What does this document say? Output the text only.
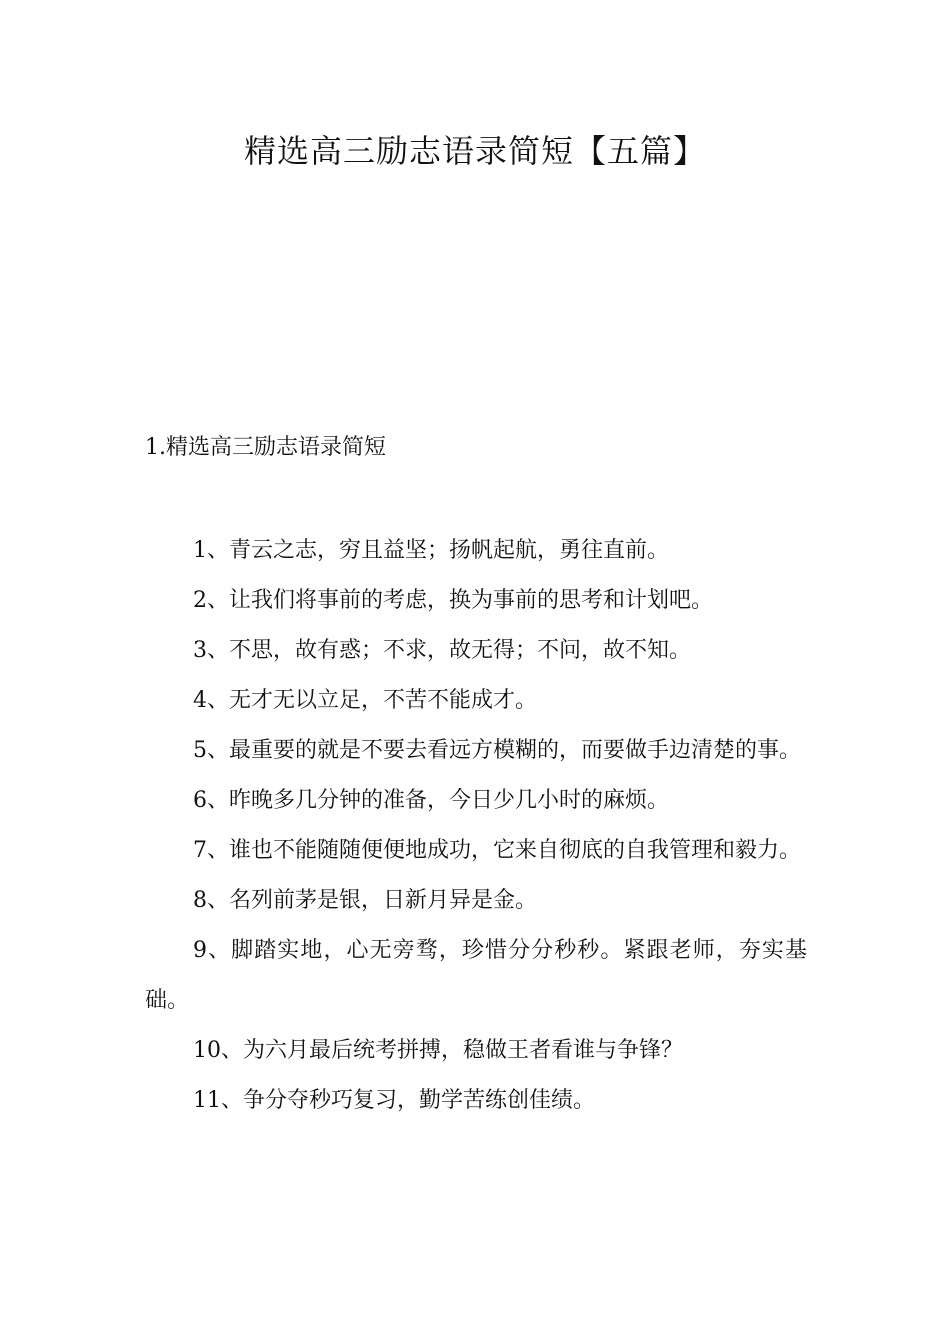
精选高三励志语录简短【五篇】
1.精选高三励志语录简短
1、青云之志，穷且益坚；扬帆起航，勇往直前。
2、让我们将事前的考虑，换为事前的思考和计划吧。
3、不思，故有惑；不求，故无得；不问，故不知。
4、无才无以立足，不苦不能成才。
5、最重要的就是不要去看远方模糊的，而要做手边清楚的事。
6、昨晚多几分钟的准备，今日少几小时的麻烦。
7、谁也不能随随便便地成功，它来自彻底的自我管理和毅力。
8、名列前茅是银，日新月异是金。
9、脚踏实地，心无旁骛，珍惜分分秒秒。紧跟老师，夯实基础。
10、为六月最后统考拼搏，稳做王者看谁与争锋？
11、争分夺秒巧复习，勤学苦练创佳绩。
